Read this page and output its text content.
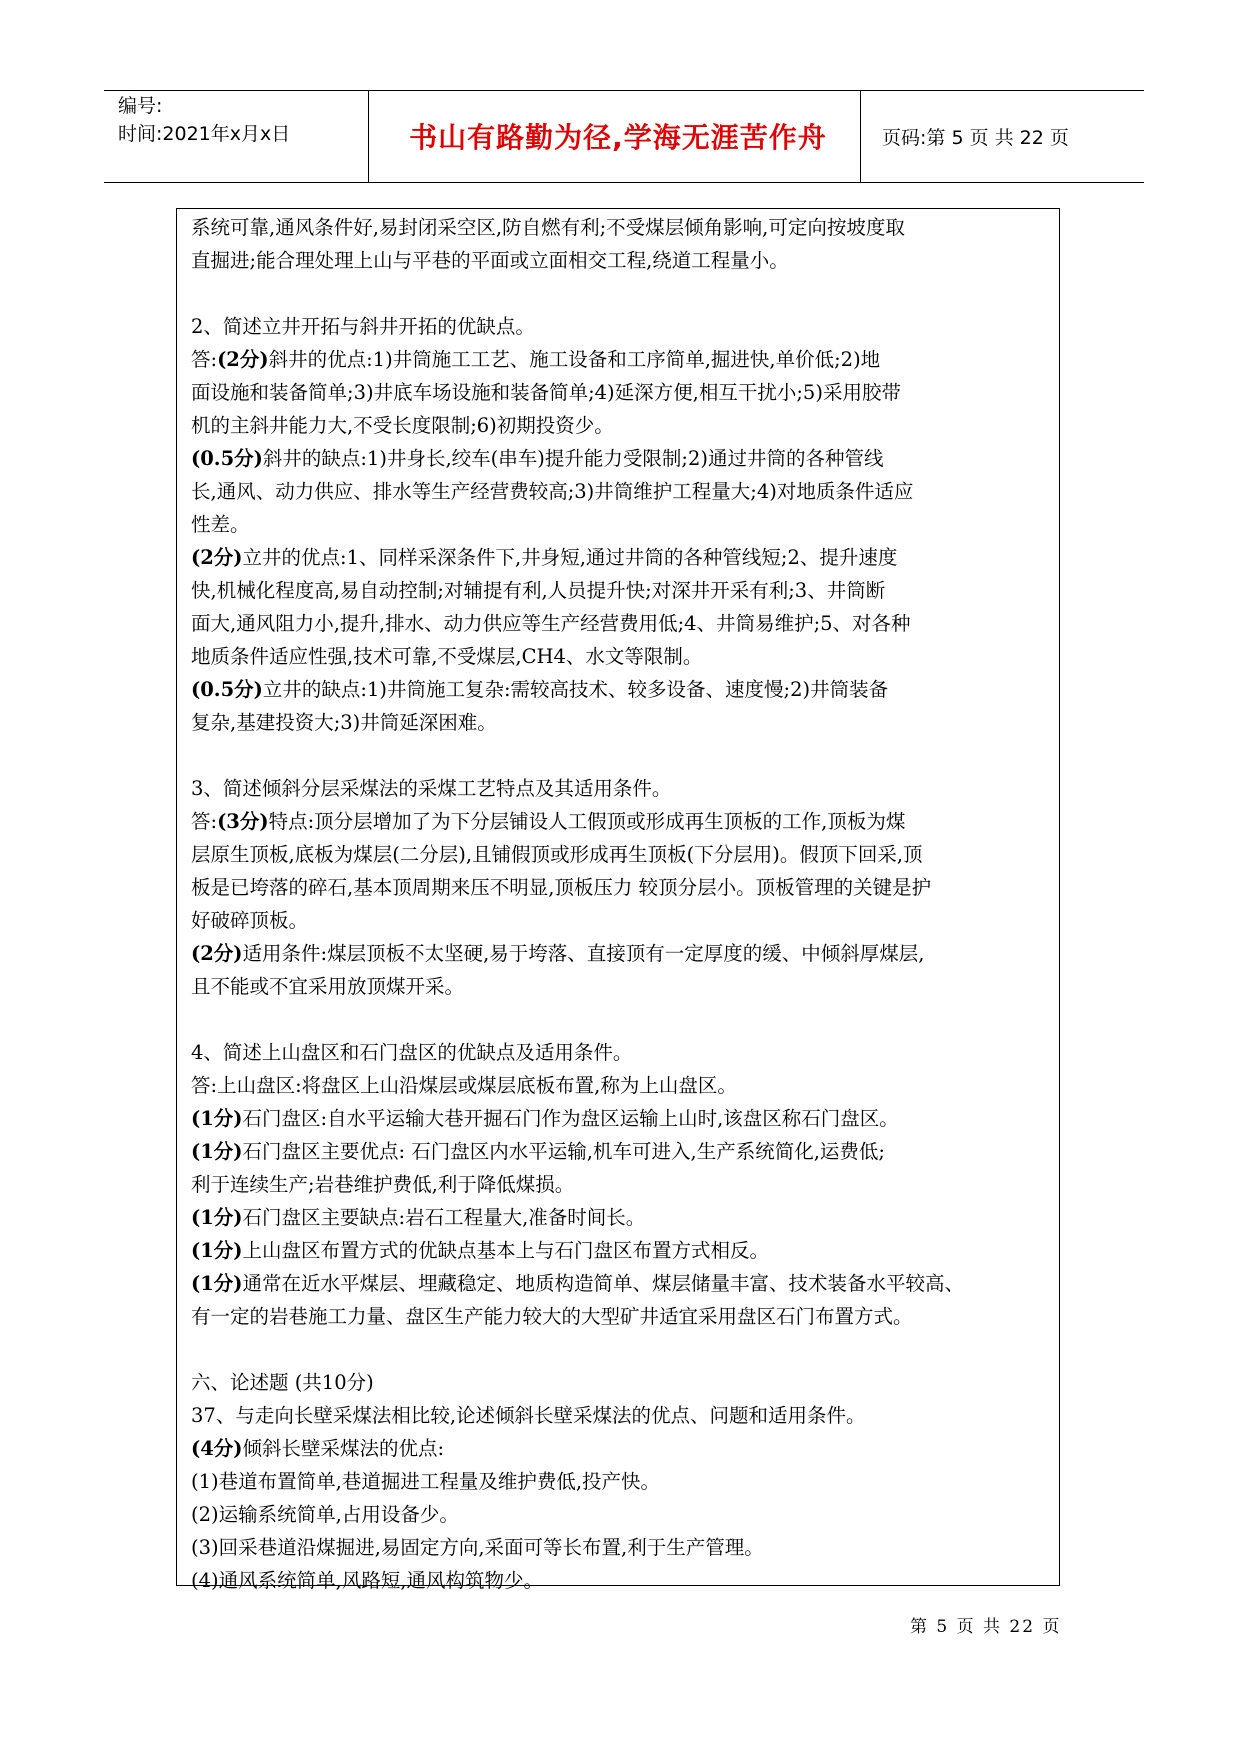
编号:
时间:2021年x月x日	书山有路勤为径,学海无涯苦作舟	页码:第 5 页 共 22 页
系统可靠,通风条件好,易封闭采空区,防自燃有利;不受煤层倾角影响,可定向按坡度取
直掘进;能合理处理上山与平巷的平面或立面相交工程,绕道工程量小。
2、简述立井开拓与斜井开拓的优缺点。
答:(2分)斜井的优点:1)井筒施工工艺、施工设备和工序简单,掘进快,单价低;2)地
面设施和装备简单;3)井底车场设施和装备简单;4)延深方便,相互干扰小;5)采用胶带
机的主斜井能力大,不受长度限制;6)初期投资少。
(0.5分)斜井的缺点:1)井身长,绞车(串车)提升能力受限制;2)通过井筒的各种管线
长,通风、动力供应、排水等生产经营费较高;3)井筒维护工程量大;4)对地质条件适应
性差。
(2分)立井的优点:1、同样采深条件下,井身短,通过井筒的各种管线短;2、提升速度
快,机械化程度高,易自动控制;对辅提有利,人员提升快;对深井开采有利;3、井筒断
面大,通风阻力小,提升,排水、动力供应等生产经营费用低;4、井筒易维护;5、对各种
地质条件适应性强,技术可靠,不受煤层,CH4、水文等限制。
(0.5分)立井的缺点:1)井筒施工复杂:需较高技术、较多设备、速度慢;2)井筒装备
复杂,基建投资大;3)井筒延深困难。
3、简述倾斜分层采煤法的采煤工艺特点及其适用条件。
答:(3分)特点:顶分层增加了为下分层铺设人工假顶或形成再生顶板的工作,顶板为煤
层原生顶板,底板为煤层(二分层),且铺假顶或形成再生顶板(下分层用)。假顶下回采,顶
板是已垮落的碎石,基本顶周期来压不明显,顶板压力 较顶分层小。顶板管理的关键是护
好破碎顶板。
(2分)适用条件:煤层顶板不太坚硬,易于垮落、直接顶有一定厚度的缓、中倾斜厚煤层,
且不能或不宜采用放顶煤开采。
4、简述上山盘区和石门盘区的优缺点及适用条件。
答:上山盘区:将盘区上山沿煤层或煤层底板布置,称为上山盘区。
(1分)石门盘区:自水平运输大巷开掘石门作为盘区运输上山时,该盘区称石门盘区。
(1分)石门盘区主要优点: 石门盘区内水平运输,机车可进入,生产系统简化,运费低;
利于连续生产;岩巷维护费低,利于降低煤损。
(1分)石门盘区主要缺点:岩石工程量大,准备时间长。
(1分)上山盘区布置方式的优缺点基本上与石门盘区布置方式相反。
(1分)通常在近水平煤层、埋藏稳定、地质构造简单、煤层储量丰富、技术装备水平较高、
有一定的岩巷施工力量、盘区生产能力较大的大型矿井适宜采用盘区石门布置方式。
六、论述题 (共10分)
37、与走向长壁采煤法相比较,论述倾斜长壁采煤法的优点、问题和适用条件。
(4分)倾斜长壁采煤法的优点:
(1)巷道布置简单,巷道掘进工程量及维护费低,投产快。
(2)运输系统简单,占用设备少。
(3)回采巷道沿煤掘进,易固定方向,采面可等长布置,利于生产管理。
(4)通风系统简单,风路短,通风构筑物少。
第 5 页 共 22 页
